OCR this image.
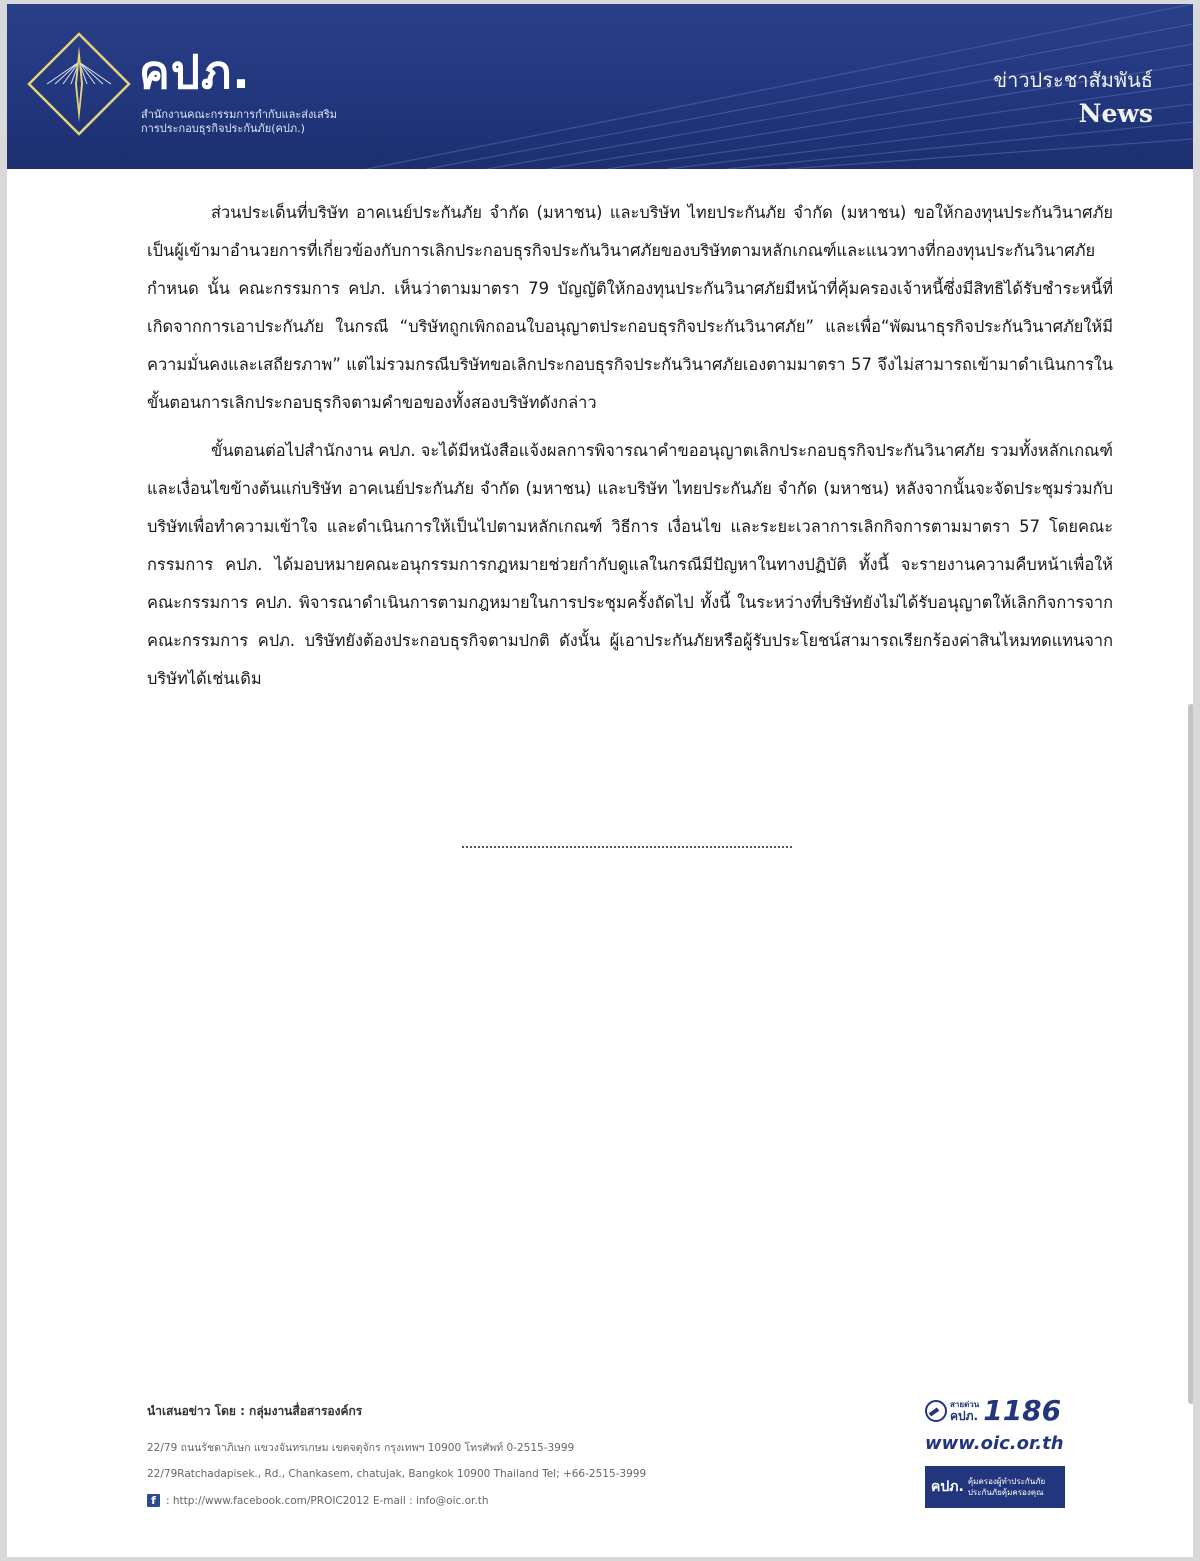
คปภ.
สำนักงานคณะกรรมการกำกับและส่งเสริม
การประกอบธุรกิจประกันภัย(คปภ.)
ข่าวประชาสัมพันธ์
News

ส่วนประเด็นที่บริษัท อาคเนย์ประกันภัย จำกัด (มหาชน) และบริษัท ไทยประกันภัย จำกัด (มหาชน) ขอให้กองทุนประกันวินาศภัยเป็นผู้เข้ามาอำนวยการที่เกี่ยวข้องกับการเลิกประกอบธุรกิจประกันวินาศภัยของบริษัทตามหลักเกณฑ์และแนวทางที่กองทุนประกันวินาศภัยกำหนด นั้น คณะกรรมการ คปภ. เห็นว่าตามมาตรา 79 บัญญัติให้กองทุนประกันวินาศภัยมีหน้าที่คุ้มครองเจ้าหนี้ซึ่งมีสิทธิได้รับชำระหนี้ที่เกิดจากการเอาประกันภัย ในกรณี “บริษัทถูกเพิกถอนใบอนุญาตประกอบธุรกิจประกันวินาศภัย” และเพื่อ“พัฒนาธุรกิจประกันวินาศภัยให้มีความมั่นคงและเสถียรภาพ” แต่ไม่รวมกรณีบริษัทขอเลิกประกอบธุรกิจประกันวินาศภัยเองตามมาตรา 57 จึงไม่สามารถเข้ามาดำเนินการในขั้นตอนการเลิกประกอบธุรกิจตามคำขอของทั้งสองบริษัทดังกล่าว

ขั้นตอนต่อไปสำนักงาน คปภ. จะได้มีหนังสือแจ้งผลการพิจารณาคำขออนุญาตเลิกประกอบธุรกิจประกันวินาศภัย รวมทั้งหลักเกณฑ์และเงื่อนไขข้างต้นแก่บริษัท อาคเนย์ประกันภัย จำกัด (มหาชน) และบริษัท ไทยประกันภัย จำกัด (มหาชน) หลังจากนั้นจะจัดประชุมร่วมกับบริษัทเพื่อทำความเข้าใจ และดำเนินการให้เป็นไปตามหลักเกณฑ์ วิธีการ เงื่อนไข และระยะเวลาการเลิกกิจการตามมาตรา 57 โดยคณะกรรมการ คปภ. ได้มอบหมายคณะอนุกรรมการกฎหมายช่วยกำกับดูแลในกรณีมีปัญหาในทางปฏิบัติ ทั้งนี้ จะรายงานความคืบหน้าเพื่อให้คณะกรรมการ คปภ. พิจารณาดำเนินการตามกฎหมายในการประชุมครั้งถัดไป ทั้งนี้ ในระหว่างที่บริษัทยังไม่ได้รับอนุญาตให้เลิกกิจการจาก คณะกรรมการ คปภ. บริษัทยังต้องประกอบธุรกิจตามปกติ ดังนั้น ผู้เอาประกันภัยหรือผู้รับประโยชน์สามารถเรียกร้องค่าสินไหมทดแทนจากบริษัทได้เช่นเดิม

นำเสนอข่าว โดย : กลุ่มงานสื่อสารองค์กร
22/79 ถนนรัชดาภิเษก แขวงจันทรเกษม เขตจตุจักร กรุงเทพฯ 10900 โทรศัพท์ 0-2515-3999
22/79Ratchadapisek., Rd., Chankasem, chatujak, Bangkok 10900 Thailand Tel; +66-2515-3999
f : http://www.facebook.com/PROIC2012 E-mail : info@oic.or.th
สายด่วน
คปภ. 1186
www.oic.or.th
คปภ. คุ้มครองผู้ทำประกันภัย
ประกันภัยคุ้มครองคุณ
